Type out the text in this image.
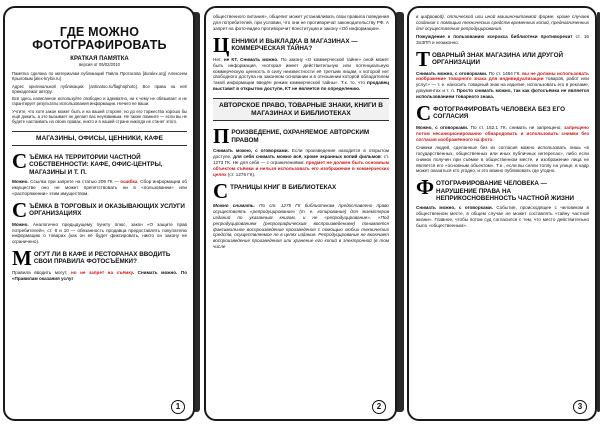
ГДЕ МОЖНО ФОТОГРАФИРОВАТЬ
КРАТКАЯ ПАМЯТКА
версия от 05/02/2010

Памятка сделана по материалам публикаций Павла Протасова [duralex.org] Алексеем Крыловым [alex-krylov.ru]

Адрес оригинальной публикации: [antinatoo.ru/flaghophoto]. Все права на неё принадлежат автору.

Всё здесь написанное используйте свободно и адекватно, ни к чему не обязывает и не гарантирует результаты использования информации. Ничего не ваши.

Учтите, что хотя закон может быть и на вашей стороне, но до его торжества хорошо бы ещё дожить, а это вызывает не делает вас неуязвимым. Не также помните — если вы не будете настаивать на своих правах, никто и в нашей стране никогда не станет этого.

МАГАЗИНЫ, ОФИСЫ, ЦЕННИКИ, КАФЕ
С ЪЁМКА НА ТЕРРИТОРИИ ЧАСТНОЙ СОБСТВЕННОСТИ: КАФЕ, ОФИС-ЦЕНТРЫ, МАГАЗИНЫ И Т. П.

Можно. Ссылка при запрете на статью 209 ГК — ошибка. Сбор информации об имуществе оно не может препятствовать ни в «пользовании» или «распоряжении» этим имуществом.

С ЪЁМКА В ТОРГОВЫХ И ОКАЗЫВАЮЩИХ УСЛУГИ ОРГАНИЗАЦИЯХ

Можно. Аналогично предыдущему пункту плюс, закон «О защите прав потребителей», ст. 8 и 10 — обязанность продавца предоставлять покупателю информацию о товарах (как он её будет фиксировать, никто он закону не ограничено).

М ОГУТ ЛИ В КАФЕ И РЕСТОРАНАХ ВВОДИТЬ СВОИ ПРАВИЛА ФОТОСЪЁМКИ?

Правила вводить могут, но не запрет на съёмку. Снимать можно. По «Правилам оказания услуг

1

общественного питания», общепит может устанавливать свои правила поведения для потребителей, при условии, что они не противоречат законодательству РФ. А запрет на фото-видео противоречит Конституции и закону «Об информации».

Ц ЕННИКИ И ВЫКЛАДКА В МАГАЗИНАХ — КОММЕРЧЕСКАЯ ТАЙНА?

Нет, не КТ. Снимать можно. По закону «О коммерческой тайне» оной может быть информация, «которая имеет действительную или потенциальную коммерческую ценность в силу неизвестности её третьим лицам, к которой нет свободного доступа на законном основании и в отношении которой обладателем такой информации введён режим коммерческой тайны». Т.к. то, что продавец выставит в открытом доступе, КТ не является по определению.

АВТОРСКОЕ ПРАВО, ТОВАРНЫЕ ЗНАКИ, КНИГИ В МАГАЗИНАХ И БИБЛИОТЕКАХ
П РОИЗВЕДЕНИЕ, ОХРАНЯЕМОЕ АВТОРСКИМ ПРАВОМ

Снимать можно, с оговорками. Если произведение находится в открытом доступе, для себя снимать можно всё, кроме экранных копий фильмов: ст. 1273 ГК. Не для себя — с ограничениями: предмет не должен быть основным объектом съёмки и нельзя использовать его изображение в коммерческих целях (ст. 1276 ГК).

С ТРАНИЦЫ КНИГ В БИБЛИОТЕКАХ

Можно снимать. По ст. 1275 ГК библиотекам предоставлено право осуществлять «репродуцирование» (т. е. копирование) для экземпляров изданий по указанным книгам, и не «репродуцирование». «Под репродуцированием (репрографическим воспроизведением) понимается факсимильное воспроизведение произведения с помощью любых технических средств, осуществляемое не в целях издания. Репродуцирование не включает воспроизведение произведения или хранение его копий в электронной (в том числе

2

в цифровой), оптической или иной машиночитаемой форме, кроме случаев создания с помощью технических средств временных копий, предназначенных для осуществления репродуцирования.

Пожуждение к пользованию ксерокса библиотеки противоречит ст. 16 ЗоЗПП и незаконно.

Т ОВАРНЫЙ ЗНАК МАГАЗИНА ИЛИ ДРУГОЙ ОРГАНИЗАЦИИ

Снимать можно, с оговорками. По ст. 1484 ГК, вы не должны использовать изображение товарного знака для индивидуализации товаров, работ или услуг» — т. е. наносить товарный знак на изделие, использовать его в рекламе, документах и т. п. Просто снимать можно, так как фотосъёмка не является использованием товарного знака.

С ФОТОГРАФИРОВАТЬ ЧЕЛОВЕКА БЕЗ ЕГО СОГЛАСИЯ

Можно, с оговорками. По ст. 152.1 ГК, снимать не запрещено; запрещено потом несанкционированно обнародовать и использовать снимки без согласия изображённого на фото.

Снимки людей, сделанные без их согласия можно использовать лишь «в государственных, общественных или иных публичных интересах», либо если снимок получен при съёмке в общественном месте, и изображение лица не является его «основным объектом». Т.е., если вы сняли толпу на улице, в кадр может оказаться кто угодно, и это можно публиковать где угодно.

Ф ОТОГРАФИРОВАНИЕ ЧЕЛОВЕКА — НАРУШЕНИЕ ПРАВА НА НЕПРИКОСНОВЕННОСТЬ ЧАСТНОЙ ЖИЗНИ

Снимать можно, с оговорками. Событие, происходящее с человеком в общественном месте, в общем случае не может составлять «тайну частной жизни». Главное, чтобы потом суд согласился с тем, что место действительно было «общественным».

3
